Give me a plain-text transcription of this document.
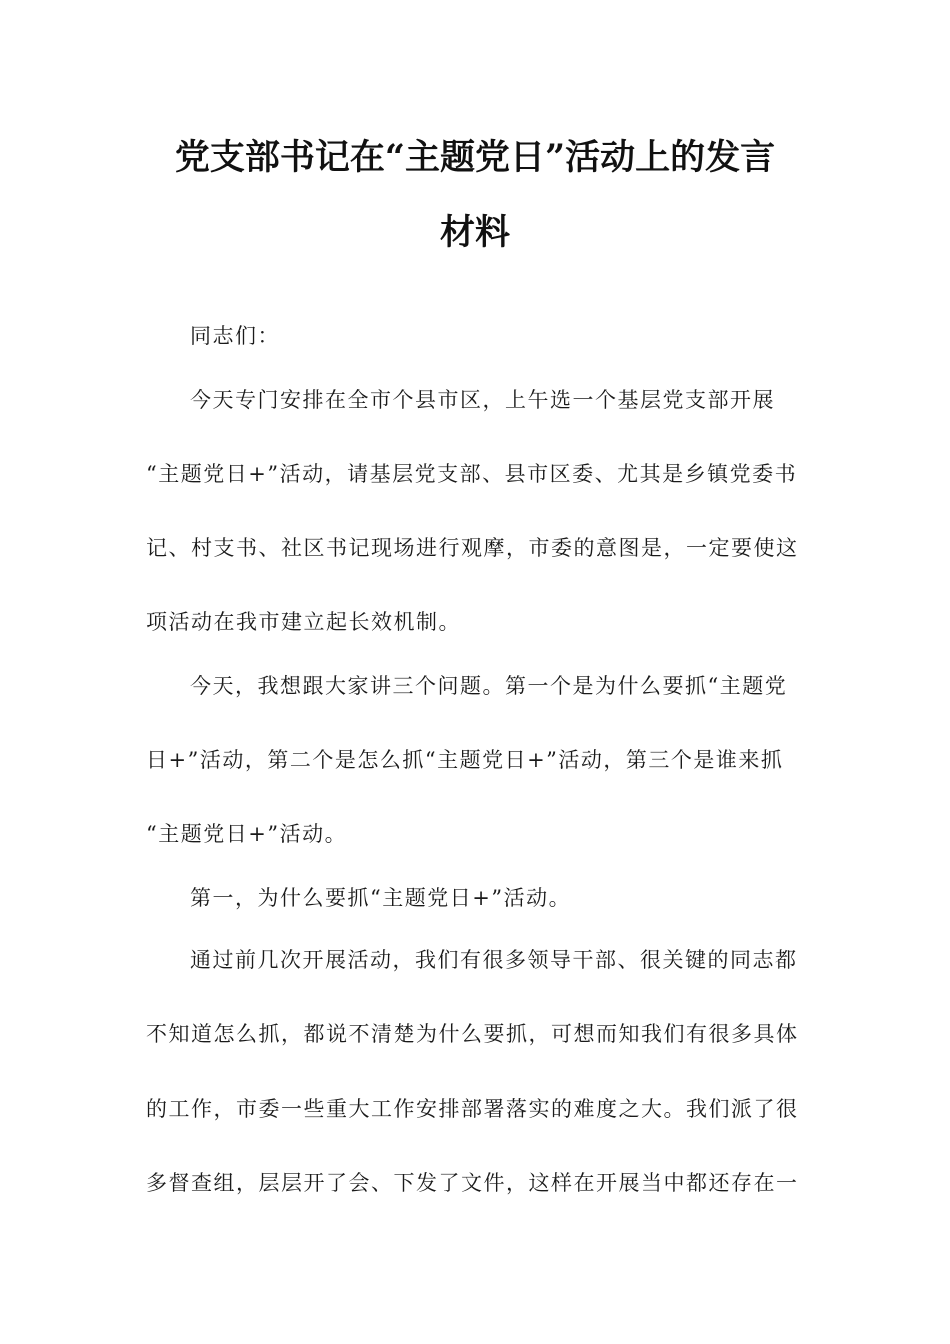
党支部书记在“主题党日”活动上的发言
材料
同志们：
今天专门安排在全市个县市区，上午选一个基层党支部开展
“主题党日+”活动，请基层党支部、县市区委、尤其是乡镇党委书
记、村支书、社区书记现场进行观摩，市委的意图是，一定要使这
项活动在我市建立起长效机制。
今天，我想跟大家讲三个问题。第一个是为什么要抓“主题党
日+”活动，第二个是怎么抓“主题党日+”活动，第三个是谁来抓
“主题党日+”活动。
第一，为什么要抓“主题党日+”活动。
通过前几次开展活动，我们有很多领导干部、很关键的同志都
不知道怎么抓，都说不清楚为什么要抓，可想而知我们有很多具体
的工作，市委一些重大工作安排部署落实的难度之大。我们派了很
多督查组，层层开了会、下发了文件，这样在开展当中都还存在一
